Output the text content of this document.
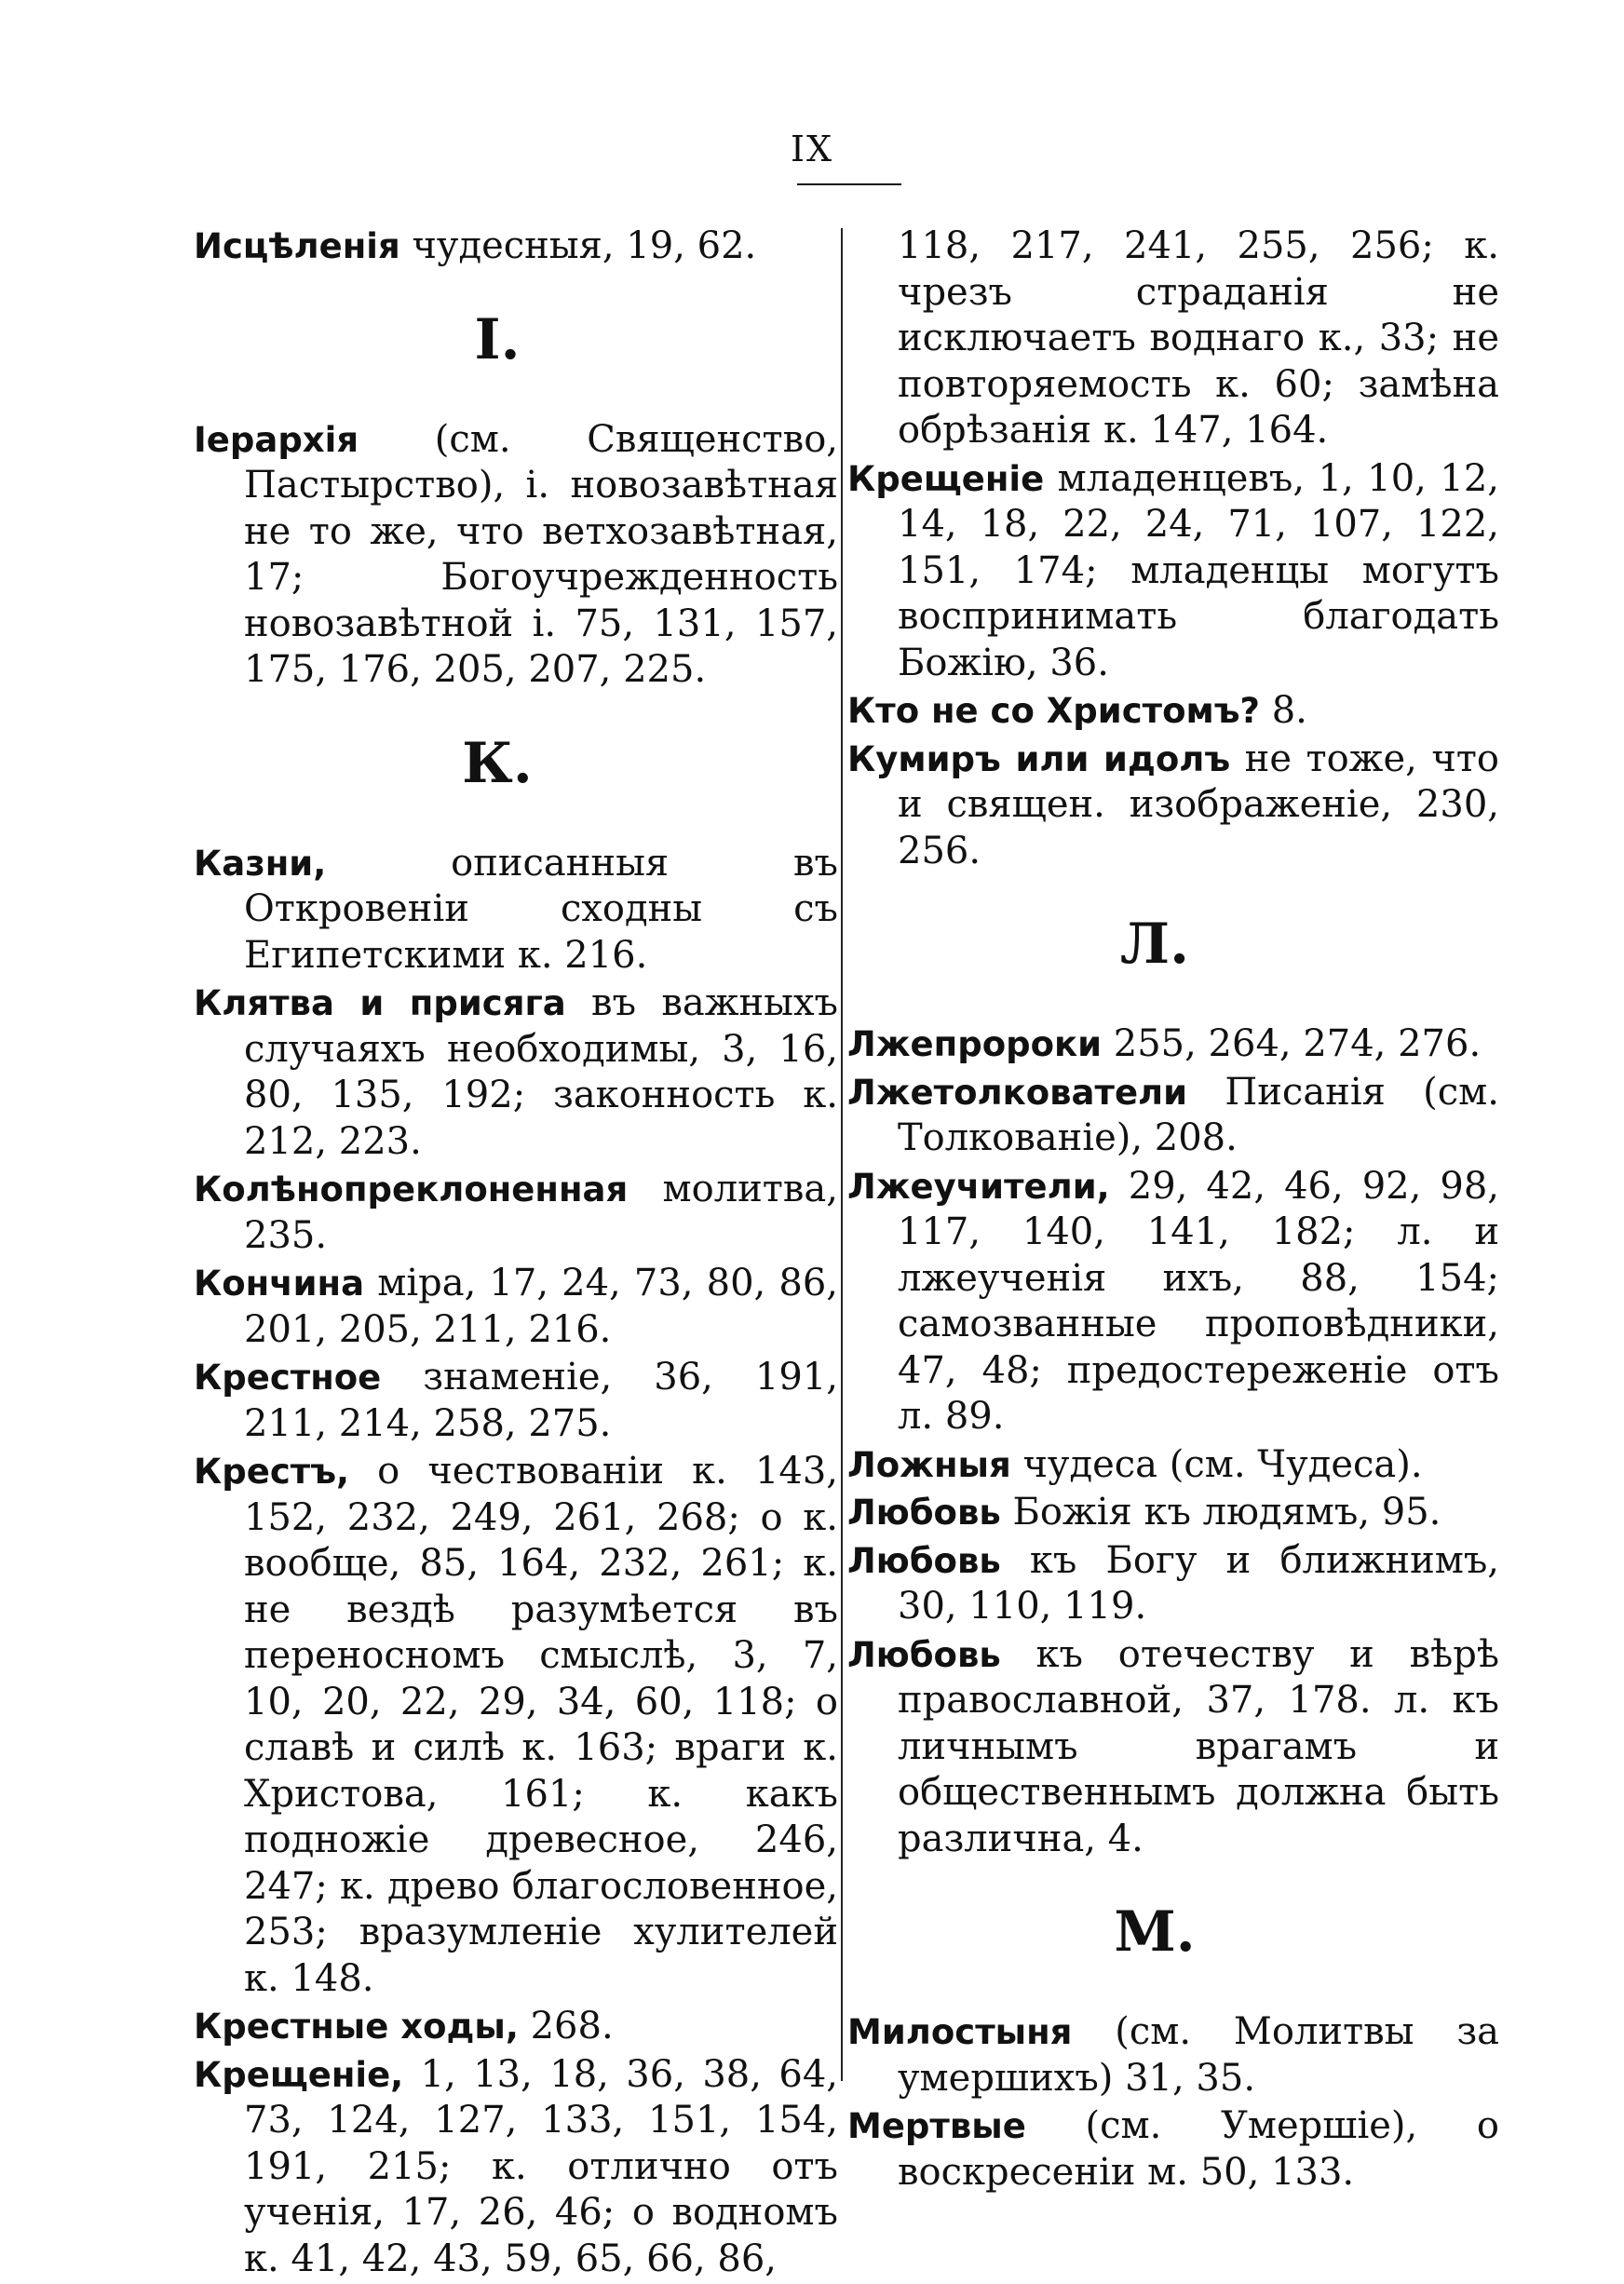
IX

Исцѣленія чудесныя, 19, 62.

I.

Іерархія (см. Священство, Пастырство), і. новозавѣтная не то же, что ветхозавѣтная, 17; Богоучрежденность новозавѣтной і. 75, 131, 157, 175, 176, 205, 207, 225.

К.

Казни, описанныя въ Откровеніи сходны съ Египетскими к. 216.

Клятва и присяга въ важныхъ случаяхъ необходимы, 3, 16, 80, 135, 192; законность к. 212, 223.

Колѣнопреклоненная молитва, 235.

Кончина міра, 17, 24, 73, 80, 86, 201, 205, 211, 216.

Крестное знаменіе, 36, 191, 211, 214, 258, 275.

Крестъ, о чествованіи к. 143, 152, 232, 249, 261, 268; о к. вообще, 85, 164, 232, 261; к. не вездѣ разумѣется въ переносномъ смыслѣ, 3, 7, 10, 20, 22, 29, 34, 60, 118; о славѣ и силѣ к. 163; враги к. Христова, 161; к. какъ подножіе древесное, 246, 247; к. древо благословенное, 253; вразумленіе хулителей к. 148.

Крестные ходы, 268.

Крещеніе, 1, 13, 18, 36, 38, 64, 73, 124, 127, 133, 151, 154, 191, 215; к. отлично отъ ученія, 17, 26, 46; о водномъ к. 41, 42, 43, 59, 65, 66, 86,

118, 217, 241, 255, 256; к. чрезъ страданія не исключаетъ воднаго к., 33; не повторяемость к. 60; замѣна обрѣзанія к. 147, 164.

Крещеніе младенцевъ, 1, 10, 12, 14, 18, 22, 24, 71, 107, 122, 151, 174; младенцы могутъ воспринимать благодать Божію, 36.

Кто не со Христомъ? 8.

Кумиръ или идолъ не тоже, что и священ. изображеніе, 230, 256.

Л.

Лжепророки 255, 264, 274, 276.

Лжетолкователи Писанія (см. Толкованіе), 208.

Лжеучители, 29, 42, 46, 92, 98, 117, 140, 141, 182; л. и лжеученія ихъ, 88, 154; самозванные проповѣдники, 47, 48; предостереженіе отъ л. 89.

Ложныя чудеса (см. Чудеса).

Любовь Божія къ людямъ, 95.

Любовь къ Богу и ближнимъ, 30, 110, 119.

Любовь къ отечеству и вѣрѣ православной, 37, 178. л. къ личнымъ врагамъ и общественнымъ должна быть различна, 4.

М.

Милостыня (см. Молитвы за умершихъ) 31, 35.

Мертвые (см. Умершіе), о воскресеніи м. 50, 133.
